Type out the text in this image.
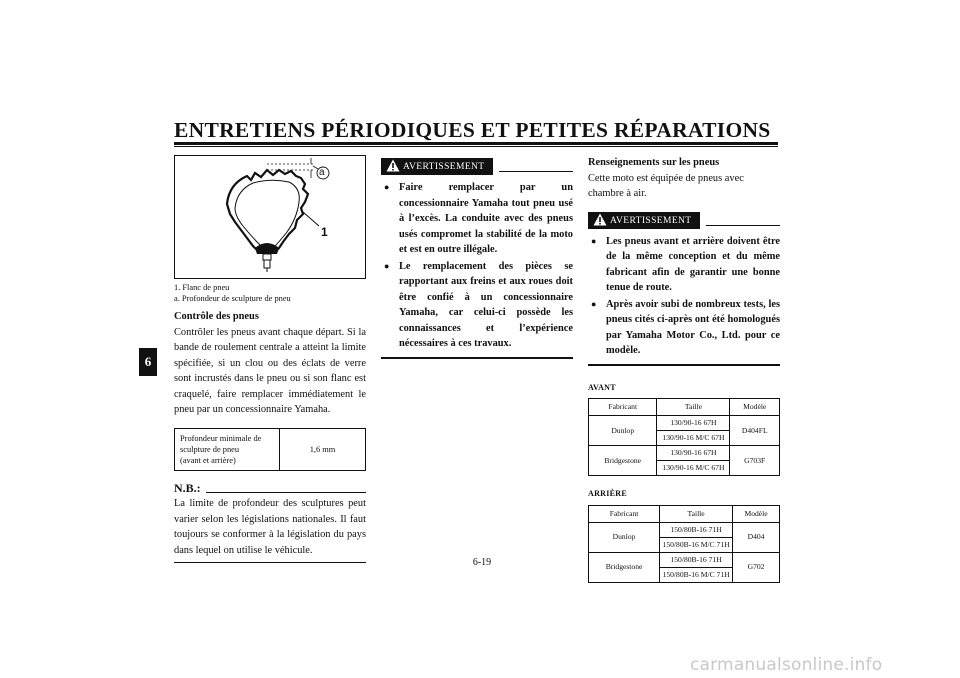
ENTRETIENS PÉRIODIQUES ET PETITES RÉPARATIONS
6
a
1
1. Flanc de pneu
a. Profondeur de sculpture de pneu
Contrôle des pneus
Contrôler les pneus avant chaque départ. Si la bande de roulement centrale a atteint la limite spécifiée, si un clou ou des éclats de verre sont incrustés dans le pneu ou si son flanc est craquelé, faire remplacer immédiatement le pneu par un concessionnaire Yamaha.
Profondeur minimale de
sculpture de pneu
(avant et arrière)
	1,6 mm
N.B.:
La limite de profondeur des sculptures peut varier selon les législations nationales. Il faut toujours se conformer à la législation du pays dans lequel on utilise le véhicule.
AVERTISSEMENT
● Faire remplacer par un concessionnaire Yamaha tout pneu usé à l’excès. La conduite avec des pneus usés compromet la stabilité de la moto et est en outre illégale.
● Le remplacement des pièces se rapportant aux freins et aux roues doit être confié à un concessionnaire Yamaha, car celui-ci possède les connaissances et l’expérience nécessaires à ces travaux.
Renseignements sur les pneus
Cette moto est équipée de pneus avec chambre à air.
AVERTISSEMENT
● Les pneus avant et arrière doivent être de la même conception et du même fabricant afin de garantir une bonne tenue de route.
● Après avoir subi de nombreux tests, les pneus cités ci-après ont été homologués par Yamaha Motor Co., Ltd. pour ce modèle.
AVANT
Fabricant	Taille	Modèle
Dunlop	130/90-16 67H	D404FL
	130/90-16 M/C 67H	
Bridgestone	130/90-16 67H	G703F
	130/90-16 M/C 67H	
ARRIÈRE
Fabricant	Taille	Modèle
Dunlop	150/80B-16 71H	D404
	150/80B-16 M/C 71H	
Bridgestone	150/80B-16 71H	G702
	150/80B-16 M/C 71H	
6-19
carmanualsonline.info
